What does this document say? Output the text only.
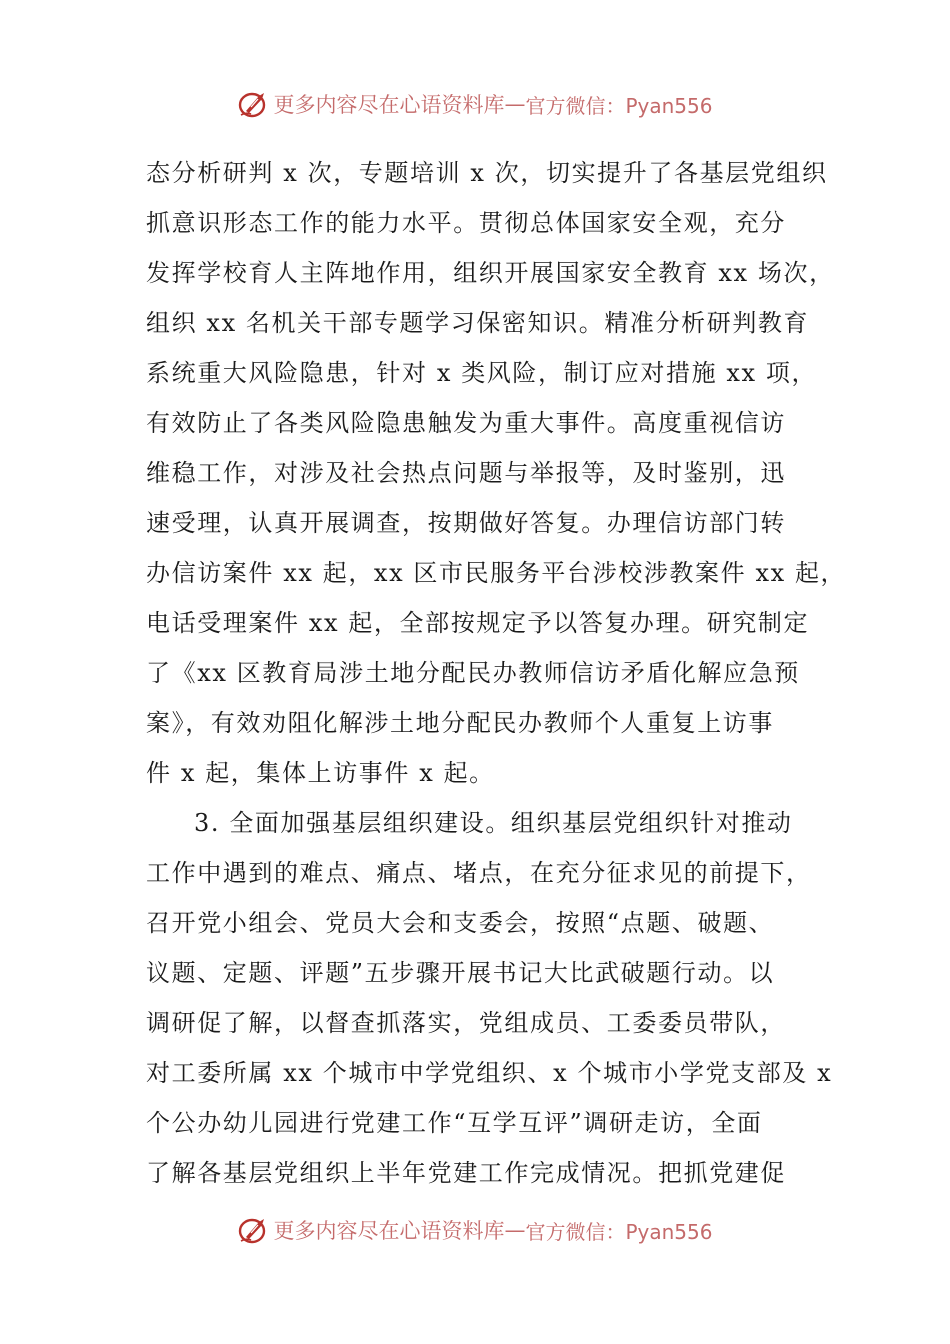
更多内容尽在心语资料库 — 官方微信：Pyan556
态分析研判 x 次，专题培训 x 次，切实提升了各基层党组织
抓意识形态工作的能力水平。贯彻总体国家安全观，充分
发挥学校育人主阵地作用，组织开展国家安全教育 xx 场次，
组织 xx 名机关干部专题学习保密知识。精准分析研判教育
系统重大风险隐患，针对 x 类风险，制订应对措施 xx 项，
有效防止了各类风险隐患触发为重大事件。高度重视信访
维稳工作，对涉及社会热点问题与举报等，及时鉴别，迅
速受理，认真开展调查，按期做好答复。办理信访部门转
办信访案件 xx 起，xx 区市民服务平台涉校涉教案件 xx 起，
电话受理案件 xx 起，全部按规定予以答复办理。研究制定
了《xx 区教育局涉土地分配民办教师信访矛盾化解应急预
案》，有效劝阻化解涉土地分配民办教师个人重复上访事
件 x 起，集体上访事件 x 起。
3. 全面加强基层组织建设。组织基层党组织针对推动
工作中遇到的难点、痛点、堵点，在充分征求见的前提下，
召开党小组会、党员大会和支委会，按照“点题、破题、
议题、定题、评题”五步骤开展书记大比武破题行动。以
调研促了解，以督查抓落实，党组成员、工委委员带队，
对工委所属 xx 个城市中学党组织、x 个城市小学党支部及 x
个公办幼儿园进行党建工作“互学互评”调研走访，全面
了解各基层党组织上半年党建工作完成情况。把抓党建促
更多内容尽在心语资料库 — 官方微信：Pyan556
